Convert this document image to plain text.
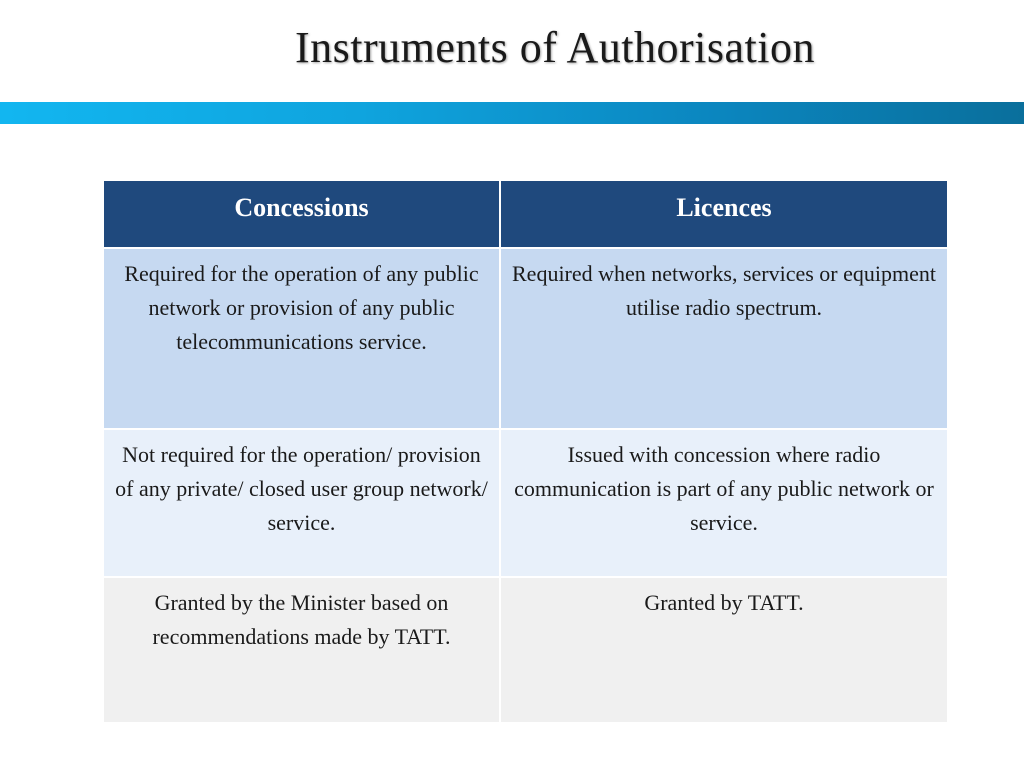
Instruments of Authorisation
Concessions	Licences
Required for the operation of any public network or provision of any public telecommunications service.	Required when networks, services or equipment utilise radio spectrum.
Not required for the operation/ provision of any private/ closed user group network/ service.	Issued with concession where radio communication is part of any public network or service.
Granted by the Minister based on recommendations made by TATT.	Granted by TATT.
